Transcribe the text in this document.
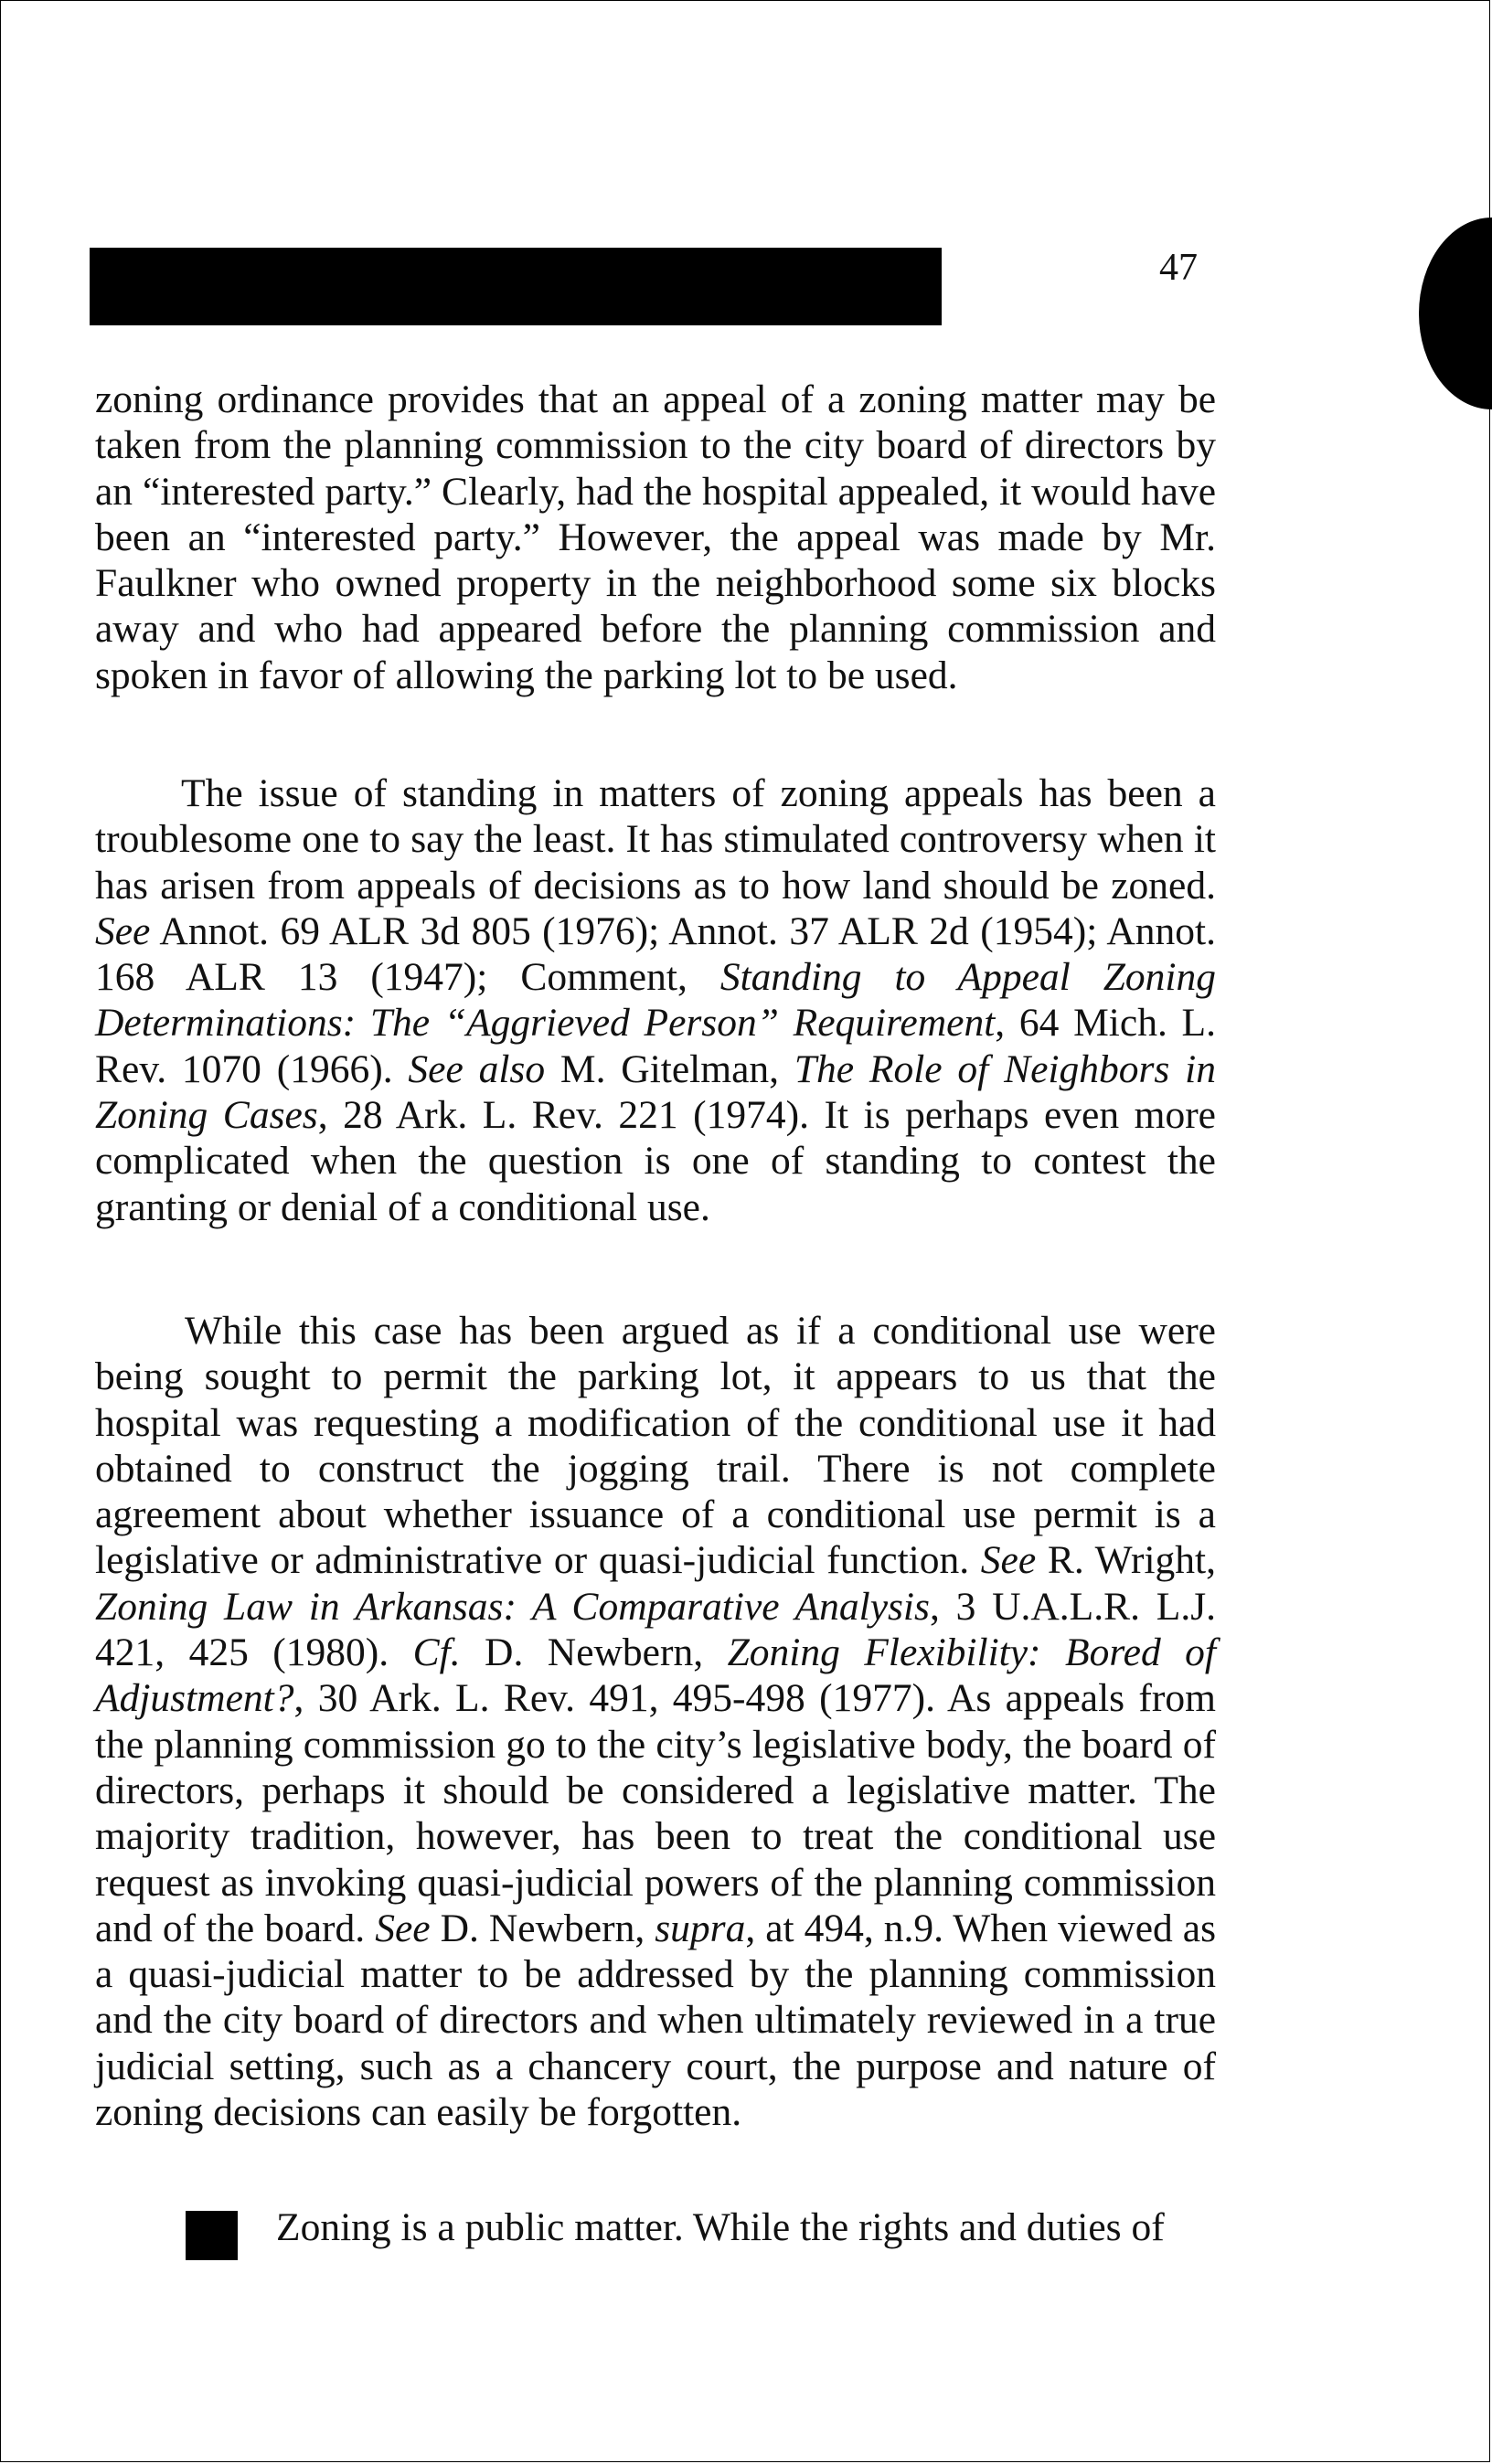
47

zoning ordinance provides that an appeal of a zoning matter may be taken from the planning commission to the city board of directors by an “interested party.” Clearly, had the hospital appealed, it would have been an “interested party.” However, the appeal was made by Mr. Faulkner who owned property in the neighborhood some six blocks away and who had appeared before the planning commission and spoken in favor of allowing the parking lot to be used.

The issue of standing in matters of zoning appeals has been a troublesome one to say the least. It has stimulated controversy when it has arisen from appeals of decisions as to how land should be zoned. See Annot. 69 ALR 3d 805 (1976); Annot. 37 ALR 2d (1954); Annot. 168 ALR 13 (1947); Comment, Standing to Appeal Zoning Determinations: The “Aggrieved Person” Requirement, 64 Mich. L. Rev. 1070 (1966). See also M. Gitelman, The Role of Neighbors in Zoning Cases, 28 Ark. L. Rev. 221 (1974). It is perhaps even more complicated when the question is one of standing to contest the granting or denial of a conditional use.

While this case has been argued as if a conditional use were being sought to permit the parking lot, it appears to us that the hospital was requesting a modification of the conditional use it had obtained to construct the jogging trail. There is not complete agreement about whether issuance of a conditional use permit is a legislative or administrative or quasi-judicial function. See R. Wright, Zoning Law in Arkansas: A Comparative Analysis, 3 U.A.L.R. L.J. 421, 425 (1980). Cf. D. Newbern, Zoning Flexibility: Bored of Adjustment?, 30 Ark. L. Rev. 491, 495-498 (1977). As appeals from the planning commission go to the city’s legislative body, the board of directors, perhaps it should be considered a legislative matter. The majority tradition, however, has been to treat the conditional use request as invoking quasi-judicial powers of the planning commission and of the board. See D. Newbern, supra, at 494, n.9. When viewed as a quasi-judicial matter to be addressed by the planning commission and the city board of directors and when ultimately reviewed in a true judicial setting, such as a chancery court, the purpose and nature of zoning decisions can easily be forgotten.

Zoning is a public matter. While the rights and duties of
